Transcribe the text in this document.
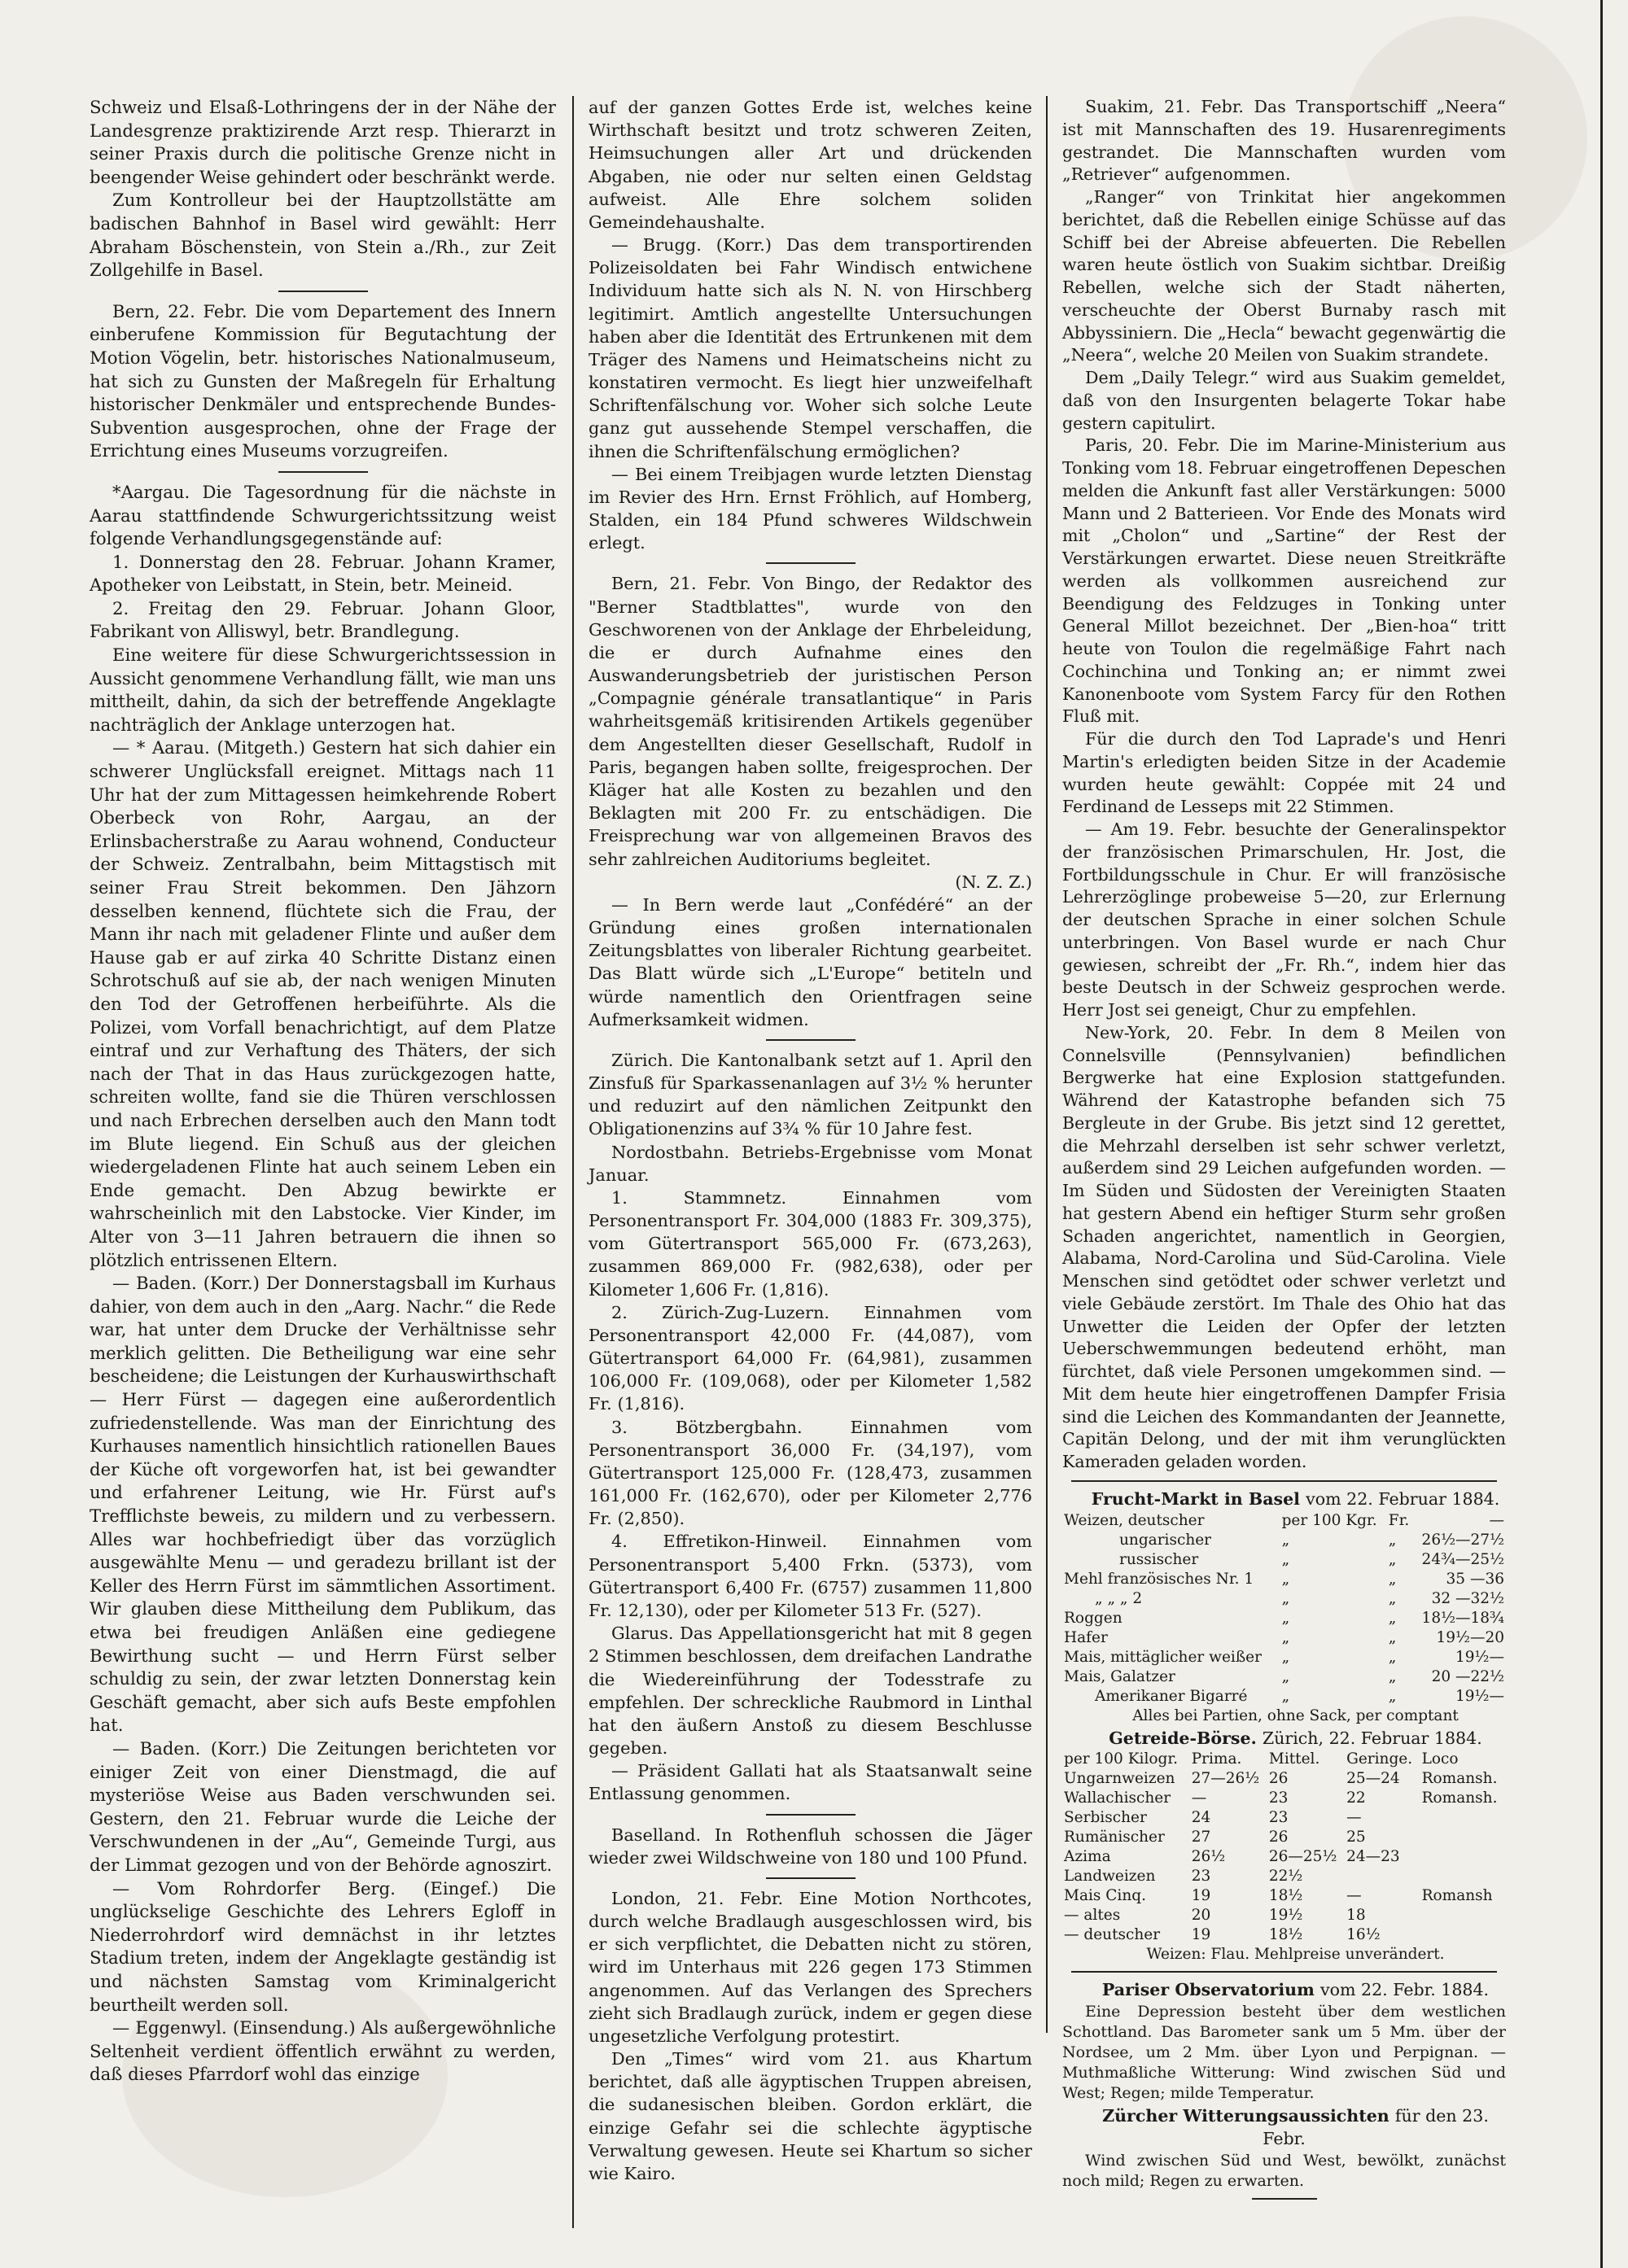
Schweiz und Elsaß-Lothringens der in der Nähe der Landesgrenze praktizirende Arzt resp. Thierarzt in seiner Praxis durch die politische Grenze nicht in beengender Weise gehindert oder beschränkt werde.

Zum Kontrolleur bei der Hauptzollstätte am badischen Bahnhof in Basel wird gewählt: Herr Abraham Böschenstein, von Stein a./Rh., zur Zeit Zollgehilfe in Basel.

Bern, 22. Febr. Die vom Departement des Innern einberufene Kommission für Begutachtung der Motion Vögelin, betr. historisches Nationalmuseum, hat sich zu Gunsten der Maßregeln für Erhaltung historischer Denkmäler und entsprechende Bundes-Subvention ausgesprochen, ohne der Frage der Errichtung eines Museums vorzugreifen.

*Aargau. Die Tagesordnung für die nächste in Aarau stattfindende Schwurgerichtssitzung weist folgende Verhandlungsgegenstände auf:

1. Donnerstag den 28. Februar. Johann Kramer, Apotheker von Leibstatt, in Stein, betr. Meineid.

2. Freitag den 29. Februar. Johann Gloor, Fabrikant von Alliswyl, betr. Brandlegung.

Eine weitere für diese Schwurgerichtssession in Aussicht genommene Verhandlung fällt, wie man uns mittheilt, dahin, da sich der betreffende Angeklagte nachträglich der Anklage unterzogen hat.

— * Aarau. (Mitgeth.) Gestern hat sich dahier ein schwerer Unglücksfall ereignet. Mittags nach 11 Uhr hat der zum Mittagessen heimkehrende Robert Oberbeck von Rohr, Aargau, an der Erlinsbacherstraße zu Aarau wohnend, Conducteur der Schweiz. Zentralbahn, beim Mittagstisch mit seiner Frau Streit bekommen. Den Jähzorn desselben kennend, flüchtete sich die Frau, der Mann ihr nach mit geladener Flinte und außer dem Hause gab er auf zirka 40 Schritte Distanz einen Schrotschuß auf sie ab, der nach wenigen Minuten den Tod der Getroffenen herbeiführte. Als die Polizei, vom Vorfall benachrichtigt, auf dem Platze eintraf und zur Verhaftung des Thäters, der sich nach der That in das Haus zurückgezogen hatte, schreiten wollte, fand sie die Thüren verschlossen und nach Erbrechen derselben auch den Mann todt im Blute liegend. Ein Schuß aus der gleichen wiedergeladenen Flinte hat auch seinem Leben ein Ende gemacht. Den Abzug bewirkte er wahrscheinlich mit den Labstocke. Vier Kinder, im Alter von 3—11 Jahren betrauern die ihnen so plötzlich entrissenen Eltern.

— Baden. (Korr.) Der Donnerstagsball im Kurhaus dahier, von dem auch in den „Aarg. Nachr.“ die Rede war, hat unter dem Drucke der Verhältnisse sehr merklich gelitten. Die Betheiligung war eine sehr bescheidene; die Leistungen der Kurhauswirthschaft — Herr Fürst — dagegen eine außerordentlich zufriedenstellende. Was man der Einrichtung des Kurhauses namentlich hinsichtlich rationellen Baues der Küche oft vorgeworfen hat, ist bei gewandter und erfahrener Leitung, wie Hr. Fürst auf's Trefflichste beweis, zu mildern und zu verbessern. Alles war hochbefriedigt über das vorzüglich ausgewählte Menu — und geradezu brillant ist der Keller des Herrn Fürst im sämmtlichen Assortiment. Wir glauben diese Mittheilung dem Publikum, das etwa bei freudigen Anläßen eine gediegene Bewirthung sucht — und Herrn Fürst selber schuldig zu sein, der zwar letzten Donnerstag kein Geschäft gemacht, aber sich aufs Beste empfohlen hat.

— Baden. (Korr.) Die Zeitungen berichteten vor einiger Zeit von einer Dienstmagd, die auf mysteriöse Weise aus Baden verschwunden sei. Gestern, den 21. Februar wurde die Leiche der Verschwundenen in der „Au“, Gemeinde Turgi, aus der Limmat gezogen und von der Behörde agnoszirt.

— Vom Rohrdorfer Berg. (Eingef.) Die unglückselige Geschichte des Lehrers Egloff in Niederrohrdorf wird demnächst in ihr letztes Stadium treten, indem der Angeklagte geständig ist und nächsten Samstag vom Kriminalgericht beurtheilt werden soll.

— Eggenwyl. (Einsendung.) Als außergewöhnliche Seltenheit verdient öffentlich erwähnt zu werden, daß dieses Pfarrdorf wohl das einzige

auf der ganzen Gottes Erde ist, welches keine Wirthschaft besitzt und trotz schweren Zeiten, Heimsuchungen aller Art und drückenden Abgaben, nie oder nur selten einen Geldstag aufweist. Alle Ehre solchem soliden Gemeindehaushalte.

— Brugg. (Korr.) Das dem transportirenden Polizeisoldaten bei Fahr Windisch entwichene Individuum hatte sich als N. N. von Hirschberg legitimirt. Amtlich angestellte Untersuchungen haben aber die Identität des Ertrunkenen mit dem Träger des Namens und Heimatscheins nicht zu konstatiren vermocht. Es liegt hier unzweifelhaft Schriftenfälschung vor. Woher sich solche Leute ganz gut aussehende Stempel verschaffen, die ihnen die Schriftenfälschung ermöglichen?

— Bei einem Treibjagen wurde letzten Dienstag im Revier des Hrn. Ernst Fröhlich, auf Homberg, Stalden, ein 184 Pfund schweres Wildschwein erlegt.

Bern, 21. Febr. Von Bingo, der Redaktor des "Berner Stadtblattes", wurde von den Geschworenen von der Anklage der Ehrbeleidung, die er durch Aufnahme eines den Auswanderungsbetrieb der juristischen Person „Compagnie générale transatlantique“ in Paris wahrheitsgemäß kritisirenden Artikels gegenüber dem Angestellten dieser Gesellschaft, Rudolf in Paris, begangen haben sollte, freigesprochen. Der Kläger hat alle Kosten zu bezahlen und den Beklagten mit 200 Fr. zu entschädigen. Die Freisprechung war von allgemeinen Bravos des sehr zahlreichen Auditoriums begleitet.

(N. Z. Z.)

— In Bern werde laut „Confédéré“ an der Gründung eines großen internationalen Zeitungsblattes von liberaler Richtung gearbeitet. Das Blatt würde sich „L'Europe“ betiteln und würde namentlich den Orientfragen seine Aufmerksamkeit widmen.

Zürich. Die Kantonalbank setzt auf 1. April den Zinsfuß für Sparkassenanlagen auf 3½ % herunter und reduzirt auf den nämlichen Zeitpunkt den Obligationenzins auf 3¾ % für 10 Jahre fest.

Nordostbahn. Betriebs-Ergebnisse vom Monat Januar.

1. Stammnetz. Einnahmen vom Personentransport Fr. 304,000 (1883 Fr. 309,375), vom Gütertransport 565,000 Fr. (673,263), zusammen 869,000 Fr. (982,638), oder per Kilometer 1,606 Fr. (1,816).

2. Zürich-Zug-Luzern. Einnahmen vom Personentransport 42,000 Fr. (44,087), vom Gütertransport 64,000 Fr. (64,981), zusammen 106,000 Fr. (109,068), oder per Kilometer 1,582 Fr. (1,816).

3. Bötzbergbahn. Einnahmen vom Personentransport 36,000 Fr. (34,197), vom Gütertransport 125,000 Fr. (128,473, zusammen 161,000 Fr. (162,670), oder per Kilometer 2,776 Fr. (2,850).

4. Effretikon-Hinweil. Einnahmen vom Personentransport 5,400 Frkn. (5373), vom Gütertransport 6,400 Fr. (6757) zusammen 11,800 Fr. 12,130), oder per Kilometer 513 Fr. (527).

Glarus. Das Appellationsgericht hat mit 8 gegen 2 Stimmen beschlossen, dem dreifachen Landrathe die Wiedereinführung der Todesstrafe zu empfehlen. Der schreckliche Raubmord in Linthal hat den äußern Anstoß zu diesem Beschlusse gegeben.

— Präsident Gallati hat als Staatsanwalt seine Entlassung genommen.

Baselland. In Rothenfluh schossen die Jäger wieder zwei Wildschweine von 180 und 100 Pfund.

London, 21. Febr. Eine Motion Northcotes, durch welche Bradlaugh ausgeschlossen wird, bis er sich verpflichtet, die Debatten nicht zu stören, wird im Unterhaus mit 226 gegen 173 Stimmen angenommen. Auf das Verlangen des Sprechers zieht sich Bradlaugh zurück, indem er gegen diese ungesetzliche Verfolgung protestirt.

Den „Times“ wird vom 21. aus Khartum berichtet, daß alle ägyptischen Truppen abreisen, die sudanesischen bleiben. Gordon erklärt, die einzige Gefahr sei die schlechte ägyptische Verwaltung gewesen. Heute sei Khartum so sicher wie Kairo.

Suakim, 21. Febr. Das Transportschiff „Neera“ ist mit Mannschaften des 19. Husarenregiments gestrandet. Die Mannschaften wurden vom „Retriever“ aufgenommen.

„Ranger“ von Trinkitat hier angekommen berichtet, daß die Rebellen einige Schüsse auf das Schiff bei der Abreise abfeuerten. Die Rebellen waren heute östlich von Suakim sichtbar. Dreißig Rebellen, welche sich der Stadt näherten, verscheuchte der Oberst Burnaby rasch mit Abbyssiniern. Die „Hecla“ bewacht gegenwärtig die „Neera“, welche 20 Meilen von Suakim strandete.

Dem „Daily Telegr.“ wird aus Suakim gemeldet, daß von den Insurgenten belagerte Tokar habe gestern capitulirt.

Paris, 20. Febr. Die im Marine-Ministerium aus Tonking vom 18. Februar eingetroffenen Depeschen melden die Ankunft fast aller Verstärkungen: 5000 Mann und 2 Batterieen. Vor Ende des Monats wird mit „Cholon“ und „Sartine“ der Rest der Verstärkungen erwartet. Diese neuen Streitkräfte werden als vollkommen ausreichend zur Beendigung des Feldzuges in Tonking unter General Millot bezeichnet. Der „Bien-hoa“ tritt heute von Toulon die regelmäßige Fahrt nach Cochinchina und Tonking an; er nimmt zwei Kanonenboote vom System Farcy für den Rothen Fluß mit.

Für die durch den Tod Laprade's und Henri Martin's erledigten beiden Sitze in der Academie wurden heute gewählt: Coppée mit 24 und Ferdinand de Lesseps mit 22 Stimmen.

— Am 19. Febr. besuchte der Generalinspektor der französischen Primarschulen, Hr. Jost, die Fortbildungsschule in Chur. Er will französische Lehrerzöglinge probeweise 5—20, zur Erlernung der deutschen Sprache in einer solchen Schule unterbringen. Von Basel wurde er nach Chur gewiesen, schreibt der „Fr. Rh.“, indem hier das beste Deutsch in der Schweiz gesprochen werde. Herr Jost sei geneigt, Chur zu empfehlen.

New-York, 20. Febr. In dem 8 Meilen von Connelsville (Pennsylvanien) befindlichen Bergwerke hat eine Explosion stattgefunden. Während der Katastrophe befanden sich 75 Bergleute in der Grube. Bis jetzt sind 12 gerettet, die Mehrzahl derselben ist sehr schwer verletzt, außerdem sind 29 Leichen aufgefunden worden. — Im Süden und Südosten der Vereinigten Staaten hat gestern Abend ein heftiger Sturm sehr großen Schaden angerichtet, namentlich in Georgien, Alabama, Nord-Carolina und Süd-Carolina. Viele Menschen sind getödtet oder schwer verletzt und viele Gebäude zerstört. Im Thale des Ohio hat das Unwetter die Leiden der Opfer der letzten Ueberschwemmungen bedeutend erhöht, man fürchtet, daß viele Personen umgekommen sind. — Mit dem heute hier eingetroffenen Dampfer Frisia sind die Leichen des Kommandanten der Jeannette, Capitän Delong, und der mit ihm verunglückten Kameraden geladen worden.

Frucht-Markt in Basel vom 22. Februar 1884.

Weizen, deutscher	per 100 Kgr.	Fr.	—
ungarischer	„	„	26½—27½
russischer	„	„	24¾—25½
Mehl französisches Nr. 1	„	„	35 —36
„ „ „ 2	„	„	32 —32½
Roggen	„	„	18½—18¾
Hafer	„	„	19½—20
Mais, mittäglicher weißer	„	„	19½—
Mais, Galatzer	„	„	20 —22½
Amerikaner Bigarré	„	„	19½—

Alles bei Partien, ohne Sack, per comptant

Getreide-Börse. Zürich, 22. Februar 1884.

per 100 Kilogr.	Prima.	Mittel.	Geringe.	Loco
Ungarnweizen	27—26½	26	25—24	Romansh.
Wallachischer	—	23	22	Romansh.
Serbischer	24	23	—	
Rumänischer	27	26	25	
Azima	26½	26—25½	24—23	
Landweizen	23	22½		
Mais Cinq.	19	18½	—	Romansh
— altes	20	19½	18	
— deutscher	19	18½	16½	

Weizen: Flau. Mehlpreise unverändert.

Pariser Observatorium vom 22. Febr. 1884.

Eine Depression besteht über dem westlichen Schottland. Das Barometer sank um 5 Mm. über der Nordsee, um 2 Mm. über Lyon und Perpignan. — Muthmaßliche Witterung: Wind zwischen Süd und West; Regen; milde Temperatur.

Zürcher Witterungsaussichten für den 23. Febr.

Wind zwischen Süd und West, bewölkt, zunächst noch mild; Regen zu erwarten.
